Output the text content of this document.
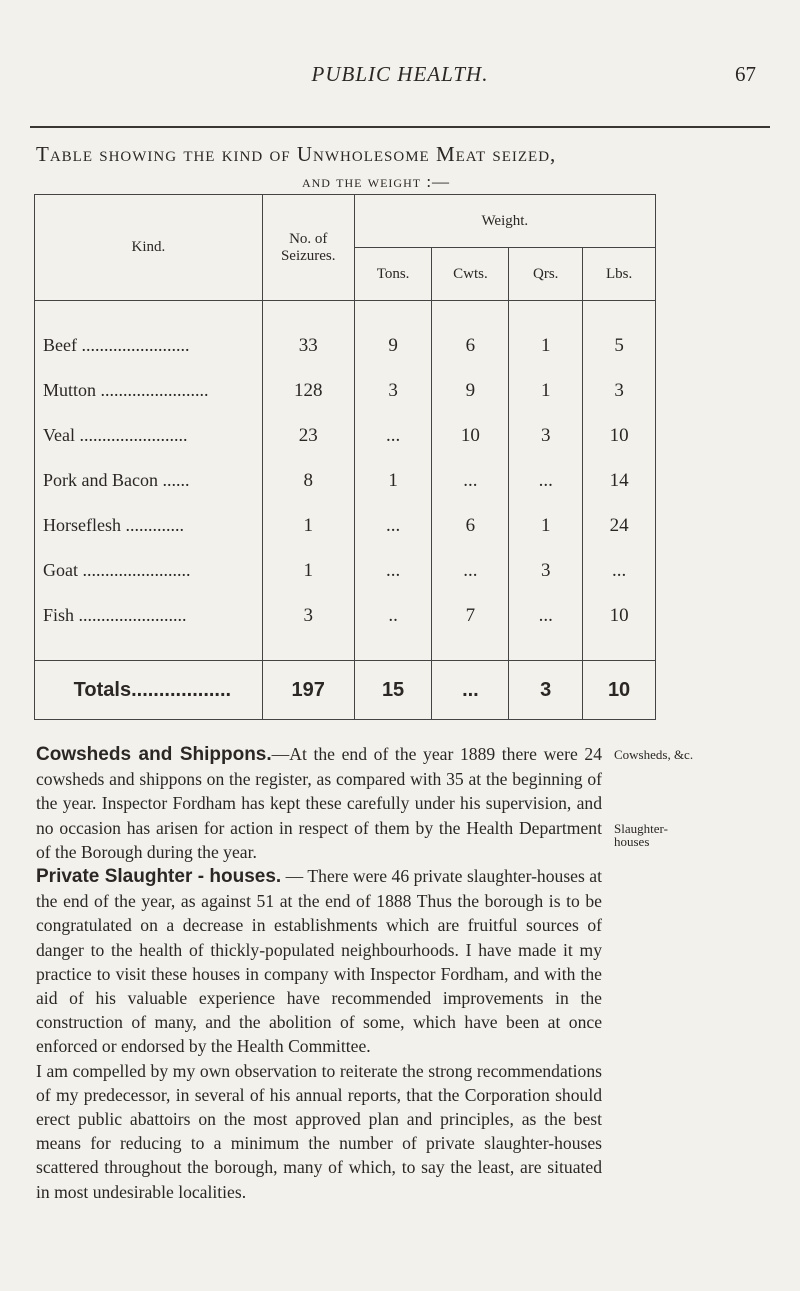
PUBLIC HEALTH.	67
Table showing the kind of Unwholesome Meat seized,
and the weight :—
Kind.	No. of Seizures.	Weight.			
		Tons.	Cwts.	Qrs.	Lbs.

Beef ........................	33	9	6	1	5
Mutton ........................	128	3	9	1	3
Veal ........................	23	...	10	3	10
Pork and Bacon ......	8	1	...	...	14
Horseflesh .............	1	...	6	1	24
Goat ........................	1	...	...	3	...
Fish ........................	3	..	7	...	10

Totals..................	197	15	...	3	10
Cowsheds, &c.
Slaughter-
houses

Cowsheds and Shippons.—At the end of the year 1889 there were 24 cowsheds and shippons on the register, as compared with 35 at the beginning of the year. Inspector Fordham has kept these carefully under his supervision, and no occasion has arisen for action in respect of them by the Health Department of the Borough during the year.

Private Slaughter - houses. — There were 46 private slaughter-houses at the end of the year, as against 51 at the end of 1888 Thus the borough is to be congratulated on a decrease in establishments which are fruitful sources of danger to the health of thickly-populated neighbourhoods. I have made it my practice to visit these houses in company with Inspector Fordham, and with the aid of his valuable experience have recommended improvements in the construction of many, and the abolition of some, which have been at once enforced or endorsed by the Health Committee.

I am compelled by my own observation to reiterate the strong recommendations of my predecessor, in several of his annual reports, that the Corporation should erect public abattoirs on the most approved plan and principles, as the best means for reducing to a minimum the number of private slaughter-houses scattered throughout the borough, many of which, to say the least, are situated in most undesirable localities.
